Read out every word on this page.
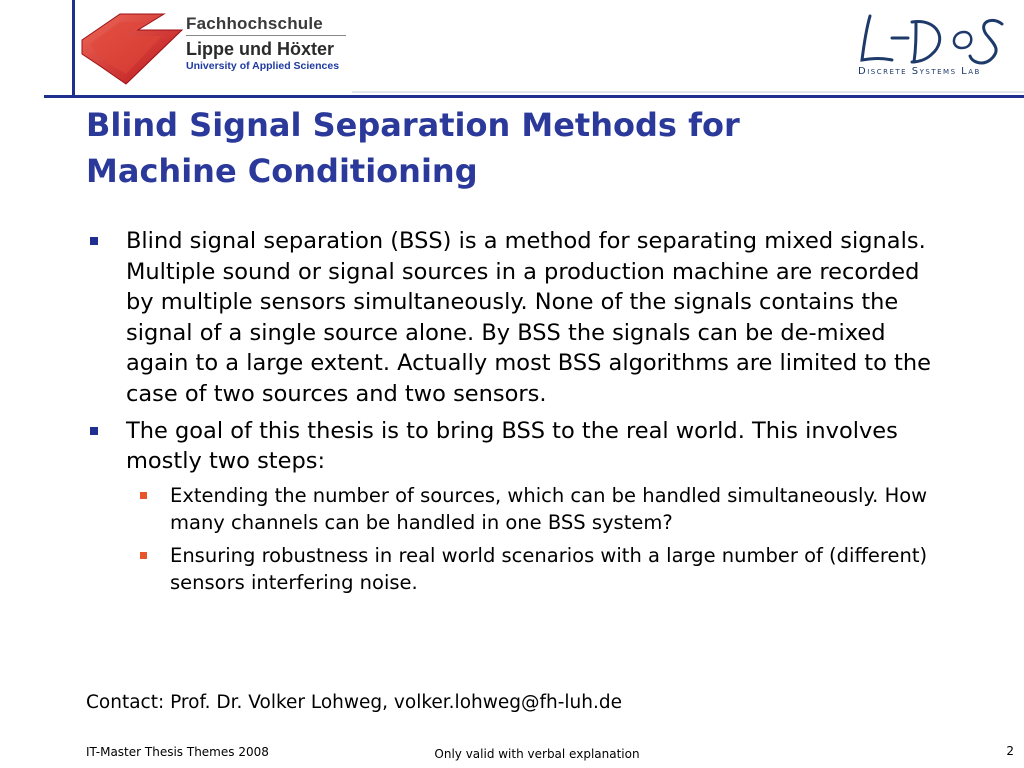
Fachhochschule
Lippe und Höxter
University of Applied Sciences	Discrete Systems Lab
Blind Signal Separation Methods for
Machine Conditioning
Blind signal separation (BSS) is a method for separating mixed signals. Multiple sound or signal sources in a production machine are recorded by multiple sensors simultaneously. None of the signals contains the signal of a single source alone. By BSS the signals can be de-mixed again to a large extent. Actually most BSS algorithms are limited to the case of two sources and two sensors.
The goal of this thesis is to bring BSS to the real world. This involves mostly two steps:
Extending the number of sources, which can be handled simultaneously. How many channels can be handled in one BSS system?
Ensuring robustness in real world scenarios with a large number of (different) sensors interfering noise.
Contact: Prof. Dr. Volker Lohweg, volker.lohweg@fh-luh.de
IT-Master Thesis Themes 2008	Only valid with verbal explanation	2
